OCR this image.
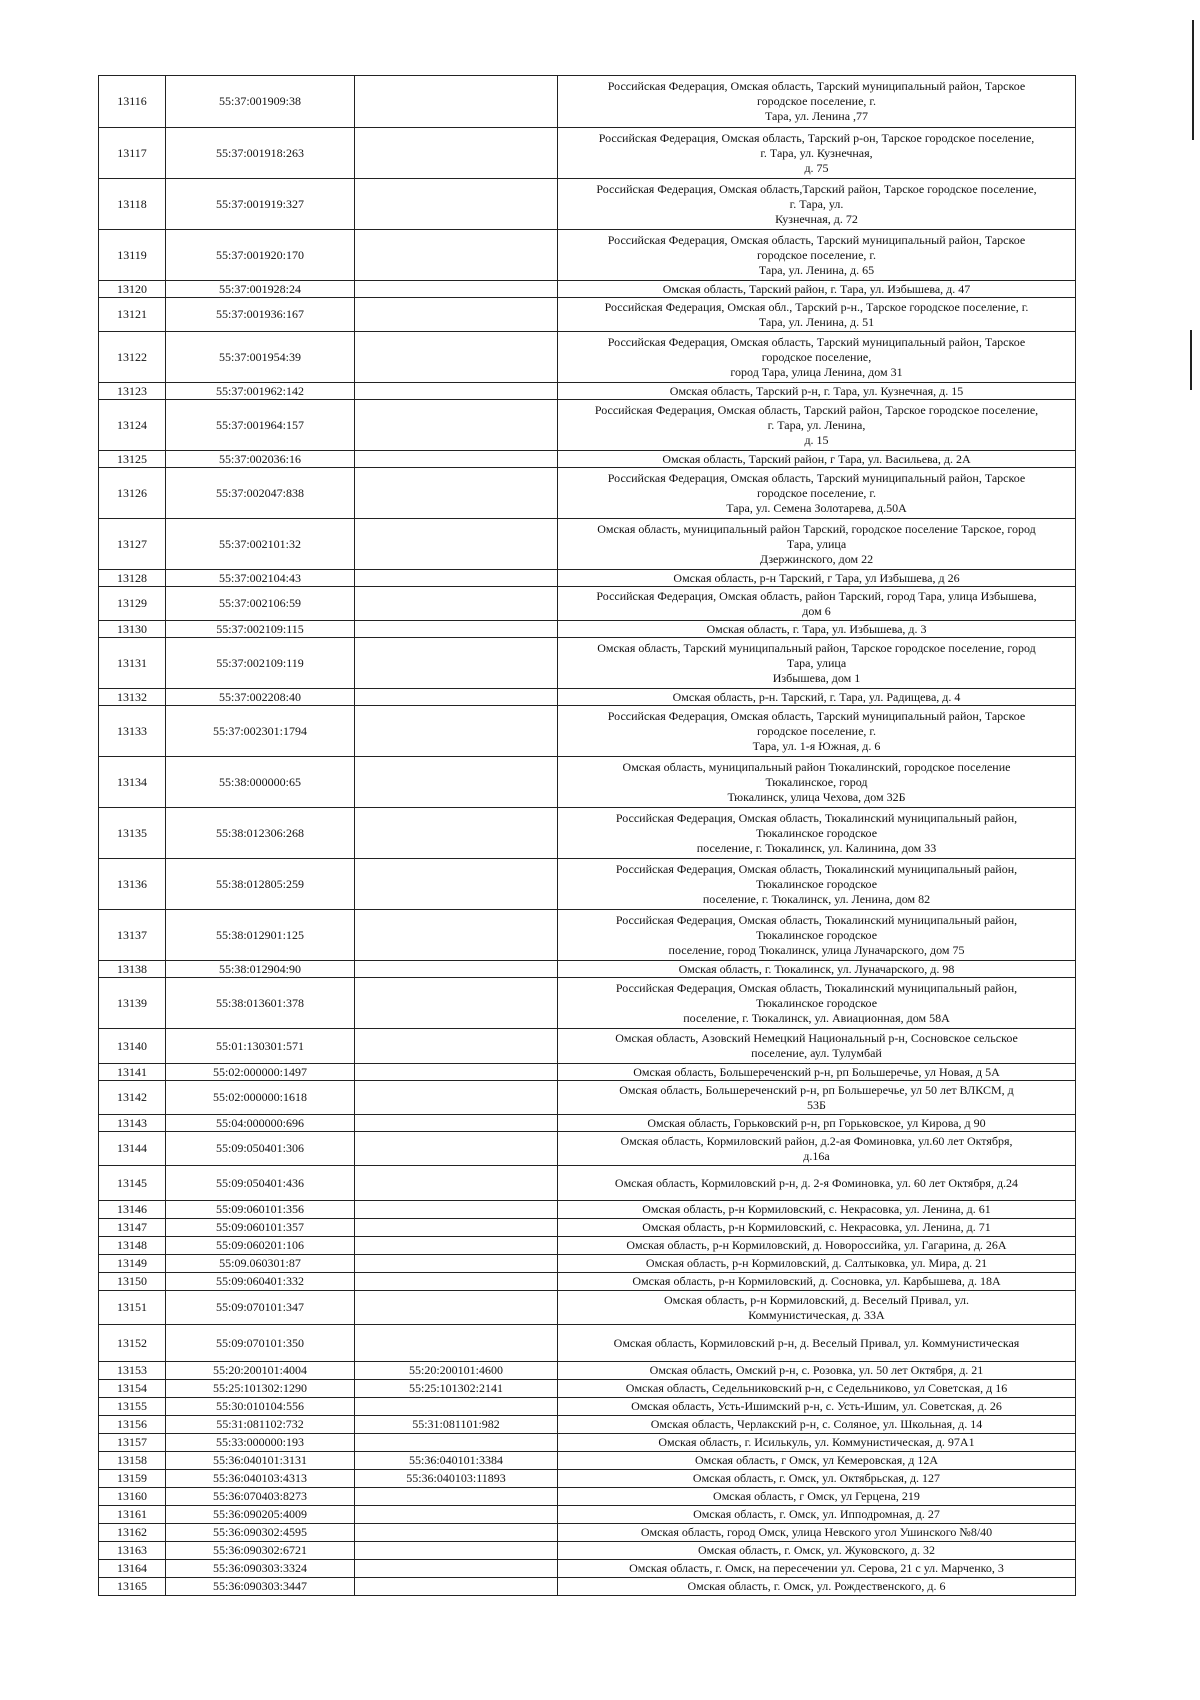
13116	55:37:001909:38		Российская Федерация, Омская область, Тарский муниципальный район, Тарское
городское поселение, г.
Тара, ул. Ленина ,77

13117	55:37:001918:263		Российская Федерация, Омская область, Тарский р-он, Тарское городское поселение,
г. Тара, ул. Кузнечная,
д. 75

13118	55:37:001919:327		Российская Федерация, Омская область,Тарский район, Тарское городское поселение,
г. Тара, ул.
Кузнечная, д. 72

13119	55:37:001920:170		Российская Федерация, Омская область, Тарский муниципальный район, Тарское
городское поселение, г.
Тара, ул. Ленина, д. 65

13120	55:37:001928:24		Омская область, Тарский район, г. Тара, ул. Избышева, д. 47

13121	55:37:001936:167		Российская Федерация, Омская обл., Тарский р-н., Тарское городское поселение, г.
Тара, ул. Ленина, д. 51

13122	55:37:001954:39		Российская Федерация, Омская область, Тарский муниципальный район, Тарское
городское поселение,
город Тара, улица Ленина, дом 31

13123	55:37:001962:142		Омская область, Тарский р-н, г. Тара, ул. Кузнечная, д. 15

13124	55:37:001964:157		Российская Федерация, Омская область, Тарский район, Тарское городское поселение,
г. Тара, ул. Ленина,
д. 15

13125	55:37:002036:16		Омская область, Тарский район, г Тара, ул. Васильева, д. 2А

13126	55:37:002047:838		Российская Федерация, Омская область, Тарский муниципальный район, Тарское
городское поселение, г.
Тара, ул. Семена Золотарева, д.50А

13127	55:37:002101:32		Омская область, муниципальный район Тарский, городское поселение Тарское, город
Тара, улица
Дзержинского, дом 22

13128	55:37:002104:43		Омская область, р-н Тарский, г Тара, ул Избышева, д 26

13129	55:37:002106:59		Российская Федерация, Омская область, район Тарский, город Тара, улица Избышева,
дом 6

13130	55:37:002109:115		Омская область, г. Тара, ул. Избышева, д. 3

13131	55:37:002109:119		Омская область, Тарский муниципальный район, Тарское городское поселение, город
Тара, улица
Избышева, дом 1

13132	55:37:002208:40		Омская область, р-н. Тарский, г. Тара, ул. Радищева, д. 4

13133	55:37:002301:1794		Российская Федерация, Омская область, Тарский муниципальный район, Тарское
городское поселение, г.
Тара, ул. 1-я Южная, д. 6

13134	55:38:000000:65		Омская область, муниципальный район Тюкалинский, городское поселение
Тюкалинское, город
Тюкалинск, улица Чехова, дом 32Б

13135	55:38:012306:268		Российская Федерация, Омская область, Тюкалинский муниципальный район,
Тюкалинское городское
поселение, г. Тюкалинск, ул. Калинина, дом 33

13136	55:38:012805:259		Российская Федерация, Омская область, Тюкалинский муниципальный район,
Тюкалинское городское
поселение, г. Тюкалинск, ул. Ленина, дом 82

13137	55:38:012901:125		Российская Федерация, Омская область, Тюкалинский муниципальный район,
Тюкалинское городское
поселение, город Тюкалинск, улица Луначарского, дом 75

13138	55:38:012904:90		Омская область, г. Тюкалинск, ул. Луначарского, д. 98

13139	55:38:013601:378		Российская Федерация, Омская область, Тюкалинский муниципальный район,
Тюкалинское городское
поселение, г. Тюкалинск, ул. Авиационная, дом 58А

13140	55:01:130301:571		Омская область, Азовский Немецкий Национальный р-н, Сосновское сельское
поселение, аул. Тулумбай

13141	55:02:000000:1497		Омская область, Большереченский р-н, рп Большеречье, ул Новая, д 5А

13142	55:02:000000:1618		Омская область, Большереченский р-н, рп Большеречье, ул 50 лет ВЛКСМ, д
53Б

13143	55:04:000000:696		Омская область, Горьковский р-н, рп Горьковское, ул Кирова, д 90

13144	55:09:050401:306		Омская область, Кормиловский район, д.2-ая Фоминовка, ул.60 лет Октября,
д.16а

13145	55:09:050401:436		Омская область, Кормиловский р-н, д. 2-я Фоминовка, ул. 60 лет Октября, д.24

13146	55:09:060101:356		Омская область, р-н Кормиловский, с. Некрасовка, ул. Ленина, д. 61

13147	55:09:060101:357		Омская область, р-н Кормиловский, с. Некрасовка, ул. Ленина, д. 71

13148	55:09:060201:106		Омская область, р-н Кормиловский, д. Новороссийка, ул. Гагарина, д. 26А

13149	55:09.060301:87		Омская область, р-н Кормиловский, д. Салтыковка, ул. Мира, д. 21

13150	55:09:060401:332		Омская область, р-н Кормиловский, д. Сосновка, ул. Карбышева, д. 18А

13151	55:09:070101:347		Омская область, р-н Кормиловский, д. Веселый Привал, ул.
Коммунистическая, д. 33А

13152	55:09:070101:350		Омская область, Кормиловский р-н, д. Веселый Привал, ул. Коммунистическая

13153	55:20:200101:4004	55:20:200101:4600	Омская область, Омский р-н, с. Розовка, ул. 50 лет Октября, д. 21

13154	55:25:101302:1290	55:25:101302:2141	Омская область, Седельниковский р-н, с Седельниково, ул Советская, д 16

13155	55:30:010104:556		Омская область, Усть-Ишимский р-н, с. Усть-Ишим, ул. Советская, д. 26

13156	55:31:081102:732	55:31:081101:982	Омская область, Черлакский р-н, с. Соляное, ул. Школьная, д. 14

13157	55:33:000000:193		Омская область, г. Исилькуль, ул. Коммунистическая, д. 97А1

13158	55:36:040101:3131	55:36:040101:3384	Омская область, г Омск, ул Кемеровская, д 12А

13159	55:36:040103:4313	55:36:040103:11893	Омская область, г. Омск, ул. Октябрьская, д. 127

13160	55:36:070403:8273		Омская область, г Омск, ул Герцена, 219

13161	55:36:090205:4009		Омская область, г. Омск, ул. Ипподромная, д. 27

13162	55:36:090302:4595		Омская область, город Омск, улица Невского угол Ушинского №8/40

13163	55:36:090302:6721		Омская область, г. Омск, ул. Жуковского, д. 32

13164	55:36:090303:3324		Омская область, г. Омск, на пересечении ул. Серова, 21 с ул. Марченко, 3

13165	55:36:090303:3447		Омская область, г. Омск, ул. Рождественского, д. 6
